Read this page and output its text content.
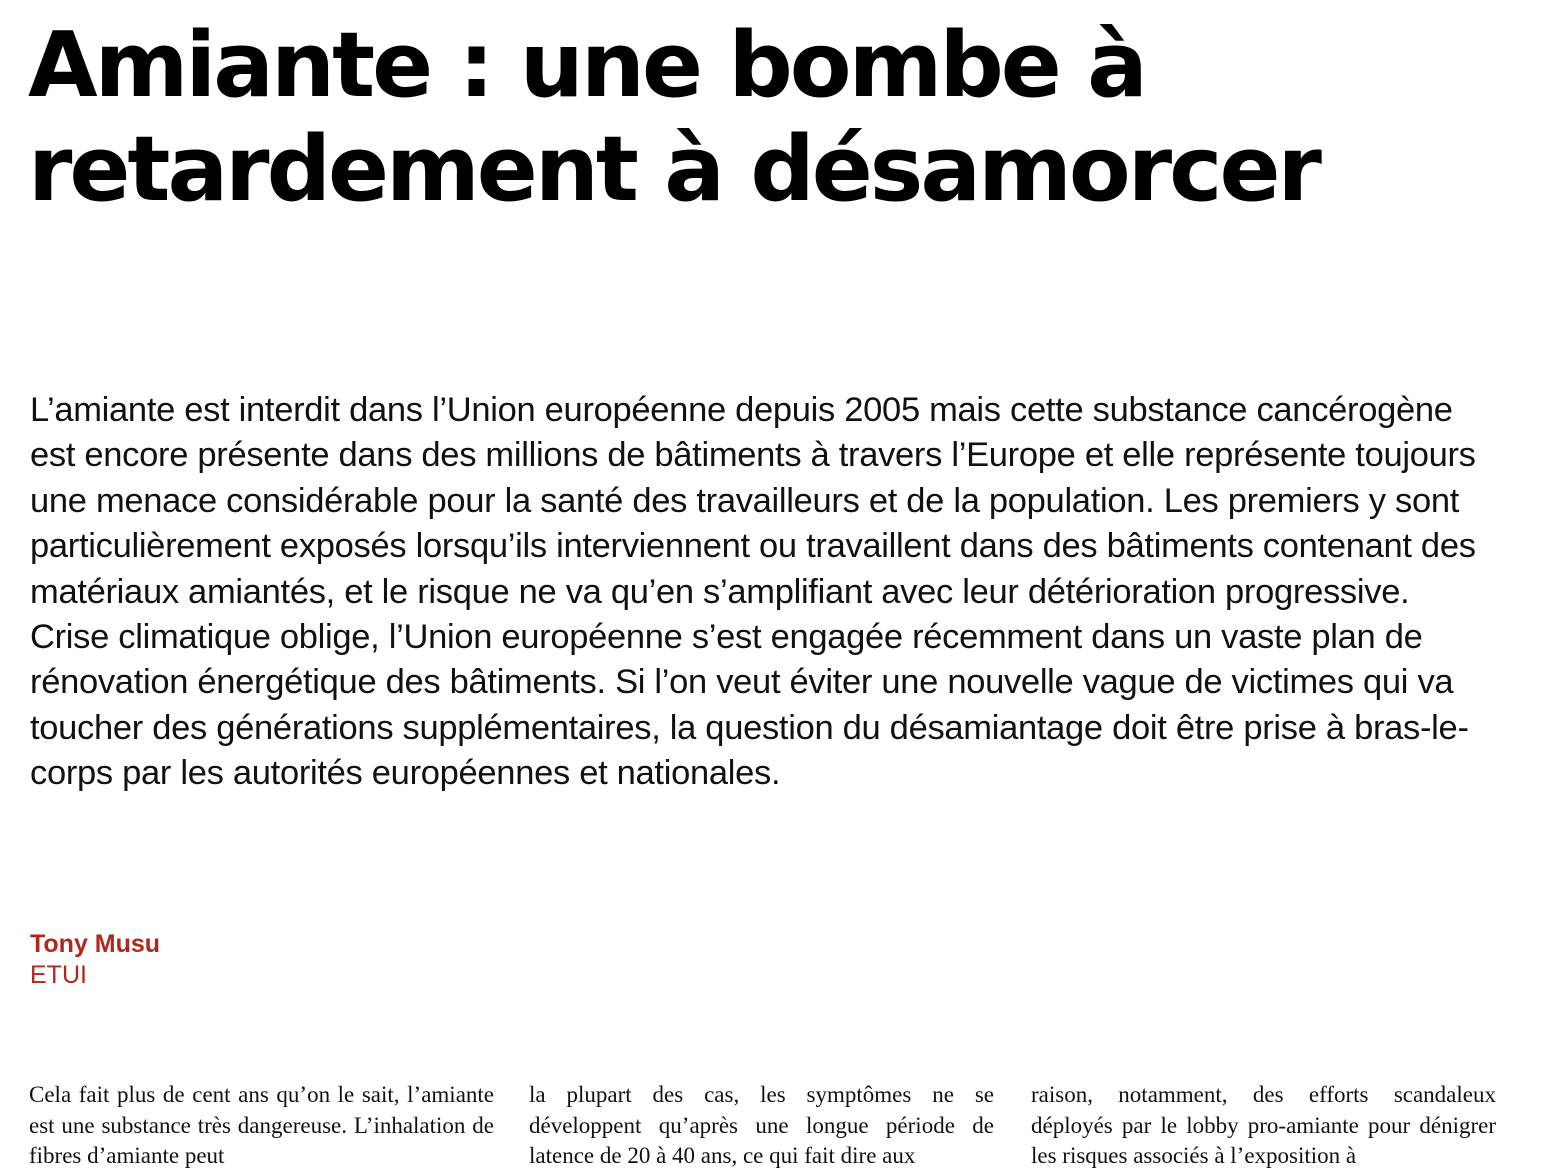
Amiante : une bombe à retardement à désamorcer

L’amiante est interdit dans l’Union européenne depuis 2005 mais cette substance cancérogène est encore présente dans des millions de bâtiments à travers l’Europe et elle représente toujours une menace considérable pour la santé des travailleurs et de la population. Les premiers y sont particulièrement exposés lorsqu’ils interviennent ou travaillent dans des bâtiments contenant des matériaux amiantés, et le risque ne va qu’en s’amplifiant avec leur détérioration progressive. Crise climatique oblige, l’Union européenne s’est engagée récemment dans un vaste plan de rénovation énergétique des bâtiments. Si l’on veut éviter une nouvelle vague de victimes qui va toucher des générations supplémentaires, la question du désamiantage doit être prise à bras-le-corps par les autorités européennes et nationales.

Tony Musu
ETUI

Cela fait plus de cent ans qu’on le sait, l’amiante est une substance très dangereuse. L’inhalation de fibres d’amiante peut

la plupart des cas, les symptômes ne se développent qu’après une longue période de latence de 20 à 40 ans, ce qui fait dire aux

raison, notamment, des efforts scandaleux déployés par le lobby pro-amiante pour dénigrer les risques associés à l’exposition à
